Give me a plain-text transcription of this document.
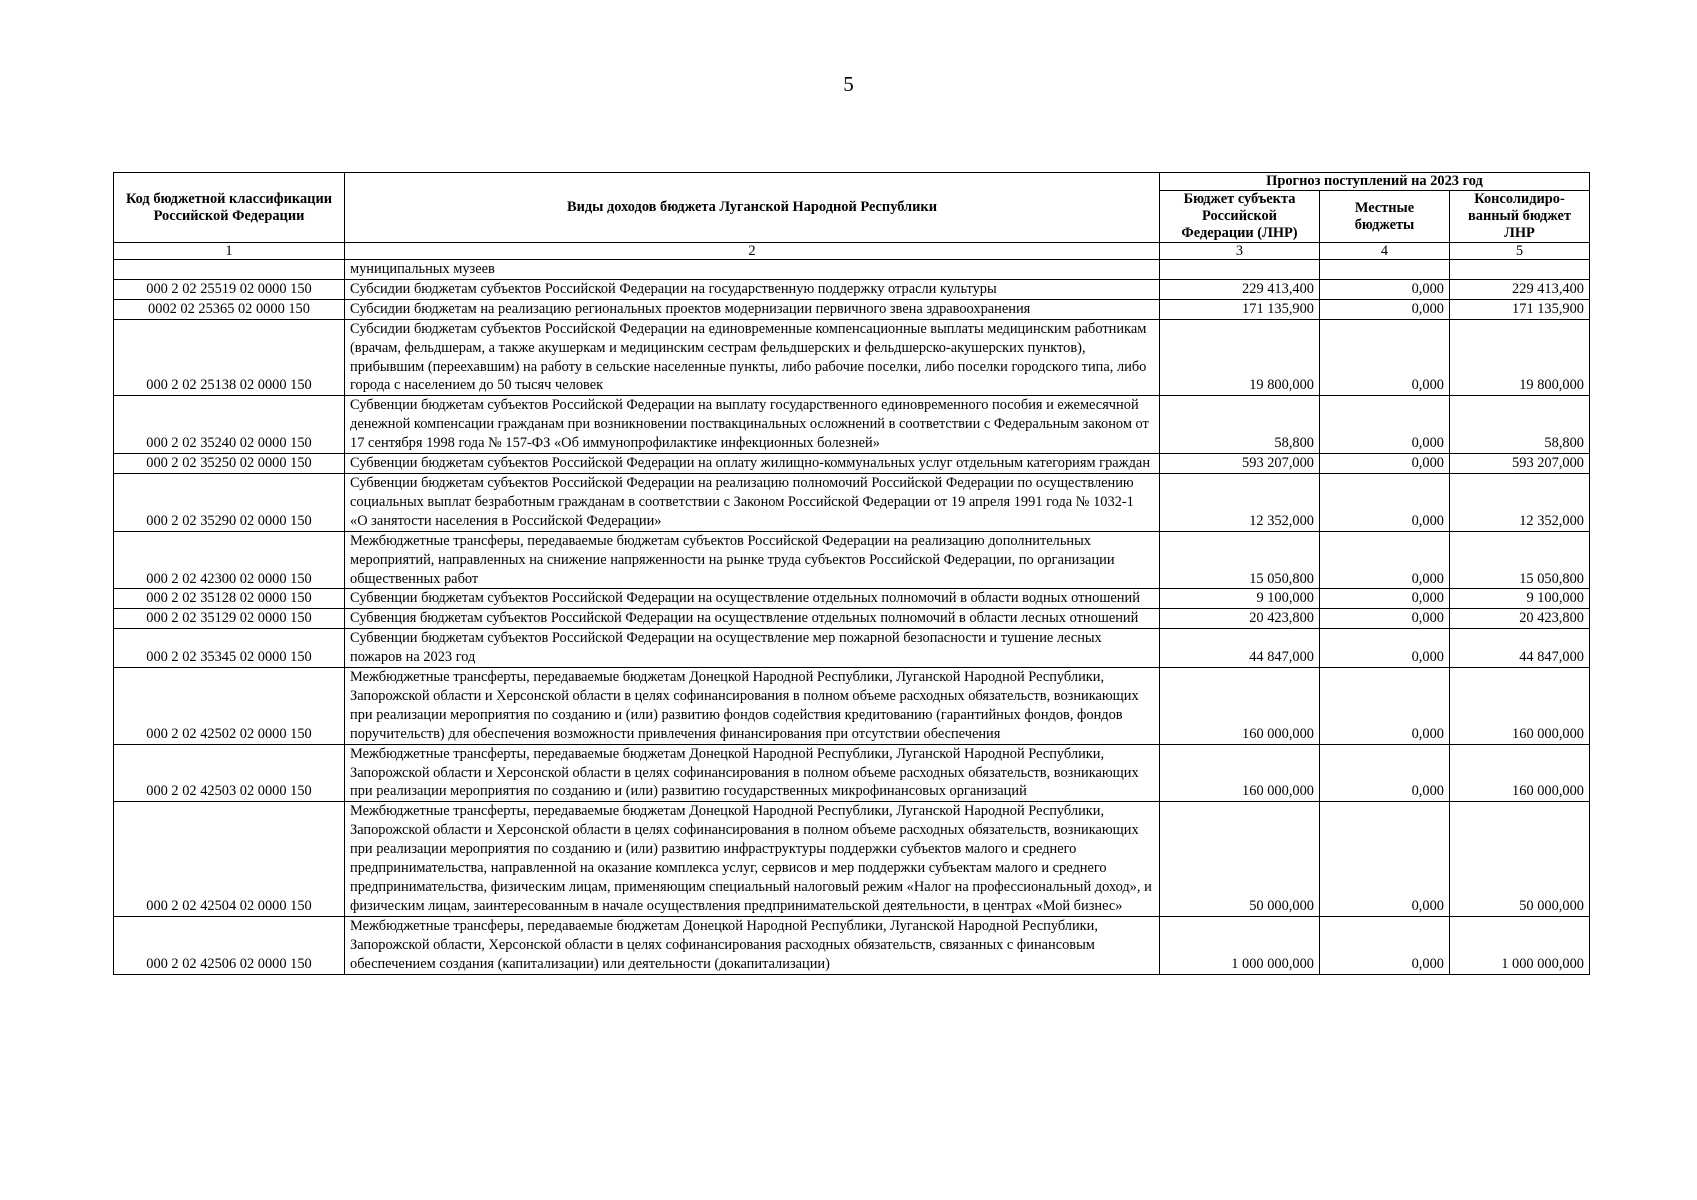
5
Код бюджетной классификации Российской Федерации	Виды доходов бюджета Луганской Народной Республики	Прогноз поступлений на 2023 год		
		Бюджет субъекта Российской Федерации (ЛНР)	Местные бюджеты	Консолидиро-ванный бюджет ЛНР
1	2	3	4	5
	муниципальных музеев			
000 2 02 25519 02 0000 150	Субсидии бюджетам субъектов Российской Федерации на государственную поддержку отрасли культуры	229 413,400	0,000	229 413,400
0002 02 25365 02 0000 150	Субсидии бюджетам на реализацию региональных проектов модернизации первичного звена здравоохранения	171 135,900	0,000	171 135,900
000 2 02 25138 02 0000 150	Субсидии бюджетам субъектов Российской Федерации на единовременные компенсационные выплаты медицинским работникам (врачам, фельдшерам, а также акушеркам и медицинским сестрам фельдшерских и фельдшерско-акушерских пунктов), прибывшим (переехавшим) на работу в сельские населенные пункты, либо рабочие поселки, либо поселки городского типа, либо города с населением до 50 тысяч человек	19 800,000	0,000	19 800,000
000 2 02 35240 02 0000 150	Субвенции бюджетам субъектов Российской Федерации на выплату государственного единовременного пособия и ежемесячной денежной компенсации гражданам при возникновении поствакцинальных осложнений в соответствии с Федеральным законом от 17 сентября 1998 года № 157-ФЗ «Об иммунопрофилактике инфекционных болезней»	58,800	0,000	58,800
000 2 02 35250 02 0000 150	Субвенции бюджетам субъектов Российской Федерации на оплату жилищно-коммунальных услуг отдельным категориям граждан	593 207,000	0,000	593 207,000
000 2 02 35290 02 0000 150	Субвенции бюджетам субъектов Российской Федерации на реализацию полномочий Российской Федерации по осуществлению социальных выплат безработным гражданам в соответствии с Законом Российской Федерации от 19 апреля 1991 года № 1032-1 «О занятости населения в Российской Федерации»	12 352,000	0,000	12 352,000
000 2 02 42300 02 0000 150	Межбюджетные трансферы, передаваемые бюджетам субъектов Российской Федерации на реализацию дополнительных мероприятий, направленных на снижение напряженности на рынке труда субъектов Российской Федерации, по организации общественных работ	15 050,800	0,000	15 050,800
000 2 02 35128 02 0000 150	Субвенции бюджетам субъектов Российской Федерации на осуществление отдельных полномочий в области водных отношений	9 100,000	0,000	9 100,000
000 2 02 35129 02 0000 150	Субвенция бюджетам субъектов Российской Федерации на осуществление отдельных полномочий в области лесных отношений	20 423,800	0,000	20 423,800
000 2 02 35345 02 0000 150	Субвенции бюджетам субъектов Российской Федерации на осуществление мер пожарной безопасности и тушение лесных пожаров на 2023 год	44 847,000	0,000	44 847,000
000 2 02 42502 02 0000 150	Межбюджетные трансферты, передаваемые бюджетам Донецкой Народной Республики, Луганской Народной Республики, Запорожской области и Херсонской области в целях софинансирования в полном объеме расходных обязательств, возникающих при реализации мероприятия по созданию и (или) развитию фондов содействия кредитованию (гарантийных фондов, фондов поручительств) для обеспечения возможности привлечения финансирования при отсутствии обеспечения	160 000,000	0,000	160 000,000
000 2 02 42503 02 0000 150	Межбюджетные трансферты, передаваемые бюджетам Донецкой Народной Республики, Луганской Народной Республики, Запорожской области и Херсонской области в целях софинансирования в полном объеме расходных обязательств, возникающих при реализации мероприятия по созданию и (или) развитию государственных микрофинансовых организаций	160 000,000	0,000	160 000,000
000 2 02 42504 02 0000 150	Межбюджетные трансферты, передаваемые бюджетам Донецкой Народной Республики, Луганской Народной Республики, Запорожской области и Херсонской области в целях софинансирования в полном объеме расходных обязательств, возникающих при реализации мероприятия по созданию и (или) развитию инфраструктуры поддержки субъектов малого и среднего предпринимательства, направленной на оказание комплекса услуг, сервисов и мер поддержки субъектам малого и среднего предпринимательства, физическим лицам, применяющим специальный налоговый режим «Налог на профессиональный доход», и физическим лицам, заинтересованным в начале осуществления предпринимательской деятельности, в центрах «Мой бизнес»	50 000,000	0,000	50 000,000
000 2 02 42506 02 0000 150	Межбюджетные трансферы, передаваемые бюджетам Донецкой Народной Республики, Луганской Народной Республики, Запорожской области, Херсонской области в целях софинансирования расходных обязательств, связанных с финансовым обеспечением создания (капитализации) или деятельности (докапитализации)	1 000 000,000	0,000	1 000 000,000
